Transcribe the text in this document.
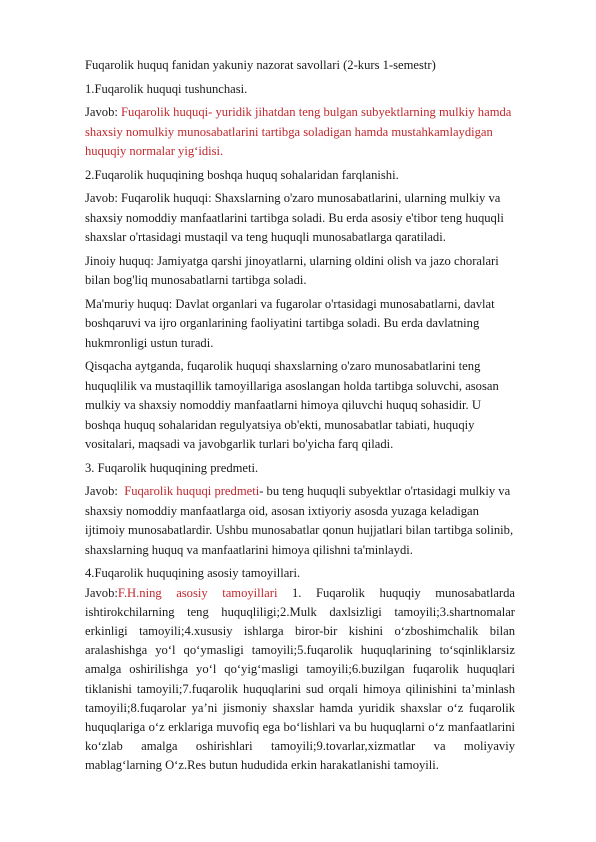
Fuqarolik huquq fanidan yakuniy nazorat savollari (2-kurs 1-semestr)

1.Fuqarolik huquqi tushunchasi.

Javob: Fuqarolik huquqi- yuridik jihatdan teng bulgan subyektlarning mulkiy hamda shaxsiy nomulkiy munosabatlarini tartibga soladigan hamda mustahkamlaydigan huquqiy normalar yig‘idisi.

2.Fuqarolik huquqining boshqa huquq sohalaridan farqlanishi.

Javob: Fuqarolik huquqi: Shaxslarning o'zaro munosabatlarini, ularning mulkiy va shaxsiy nomoddiy manfaatlarini tartibga soladi. Bu erda asosiy e'tibor teng huquqli shaxslar o'rtasidagi mustaqil va teng huquqli munosabatlarga qaratiladi.

Jinoiy huquq: Jamiyatga qarshi jinoyatlarni, ularning oldini olish va jazo choralari bilan bog'liq munosabatlarni tartibga soladi.

Ma'muriy huquq: Davlat organlari va fugarolar o'rtasidagi munosabatlarni, davlat boshqaruvi va ijro organlarining faoliyatini tartibga soladi. Bu erda davlatning hukmronligi ustun turadi.

Qisqacha aytganda, fuqarolik huquqi shaxslarning o'zaro munosabatlarini teng huquqlilik va mustaqillik tamoyillariga asoslangan holda tartibga soluvchi, asosan mulkiy va shaxsiy nomoddiy manfaatlarni himoya qiluvchi huquq sohasidir. U boshqa huquq sohalaridan regulyatsiya ob'ekti, munosabatlar tabiati, huquqiy vositalari, maqsadi va javobgarlik turlari bo'yicha farq qiladi.

3. Fuqarolik huquqining predmeti.

Javob:  Fuqarolik huquqi predmeti- bu teng huquqli subyektlar o'rtasidagi mulkiy va shaxsiy nomoddiy manfaatlarga oid, asosan ixtiyoriy asosda yuzaga keladigan ijtimoiy munosabatlardir. Ushbu munosabatlar qonun hujjatlari bilan tartibga solinib, shaxslarning huquq va manfaatlarini himoya qilishni ta'minlaydi.

4.Fuqarolik huquqining asosiy tamoyillari.

Javob:F.H.ning asosiy tamoyillari 1. Fuqarolik huquqiy munosabatlarda ishtirokchilarning teng huquqliligi;2.Mulk daxlsizligi tamoyili;3.shartnomalar erkinligi tamoyili;4.xususiy ishlarga biror-bir kishini o‘zboshimchalik bilan aralashishga yo‘l qo‘ymasligi tamoyili;5.fuqarolik huquqlarining to‘sqinliklarsiz amalga oshirilishga yo‘l qo‘yig‘masligi tamoyili;6.buzilgan fuqarolik huquqlari tiklanishi tamoyili;7.fuqarolik huquqlarini sud orqali himoya qilinishini ta’minlash tamoyili;8.fuqarolar ya’ni jismoniy shaxslar hamda yuridik shaxslar o‘z fuqarolik huquqlariga o‘z erklariga muvofiq ega bo‘lishlari va bu huquqlarni o‘z manfaatlarini ko‘zlab amalga oshirishlari tamoyili;9.tovarlar,xizmatlar va moliyaviy mablag‘larning O‘z.Res butun hududida erkin harakatlanishi tamoyili.
